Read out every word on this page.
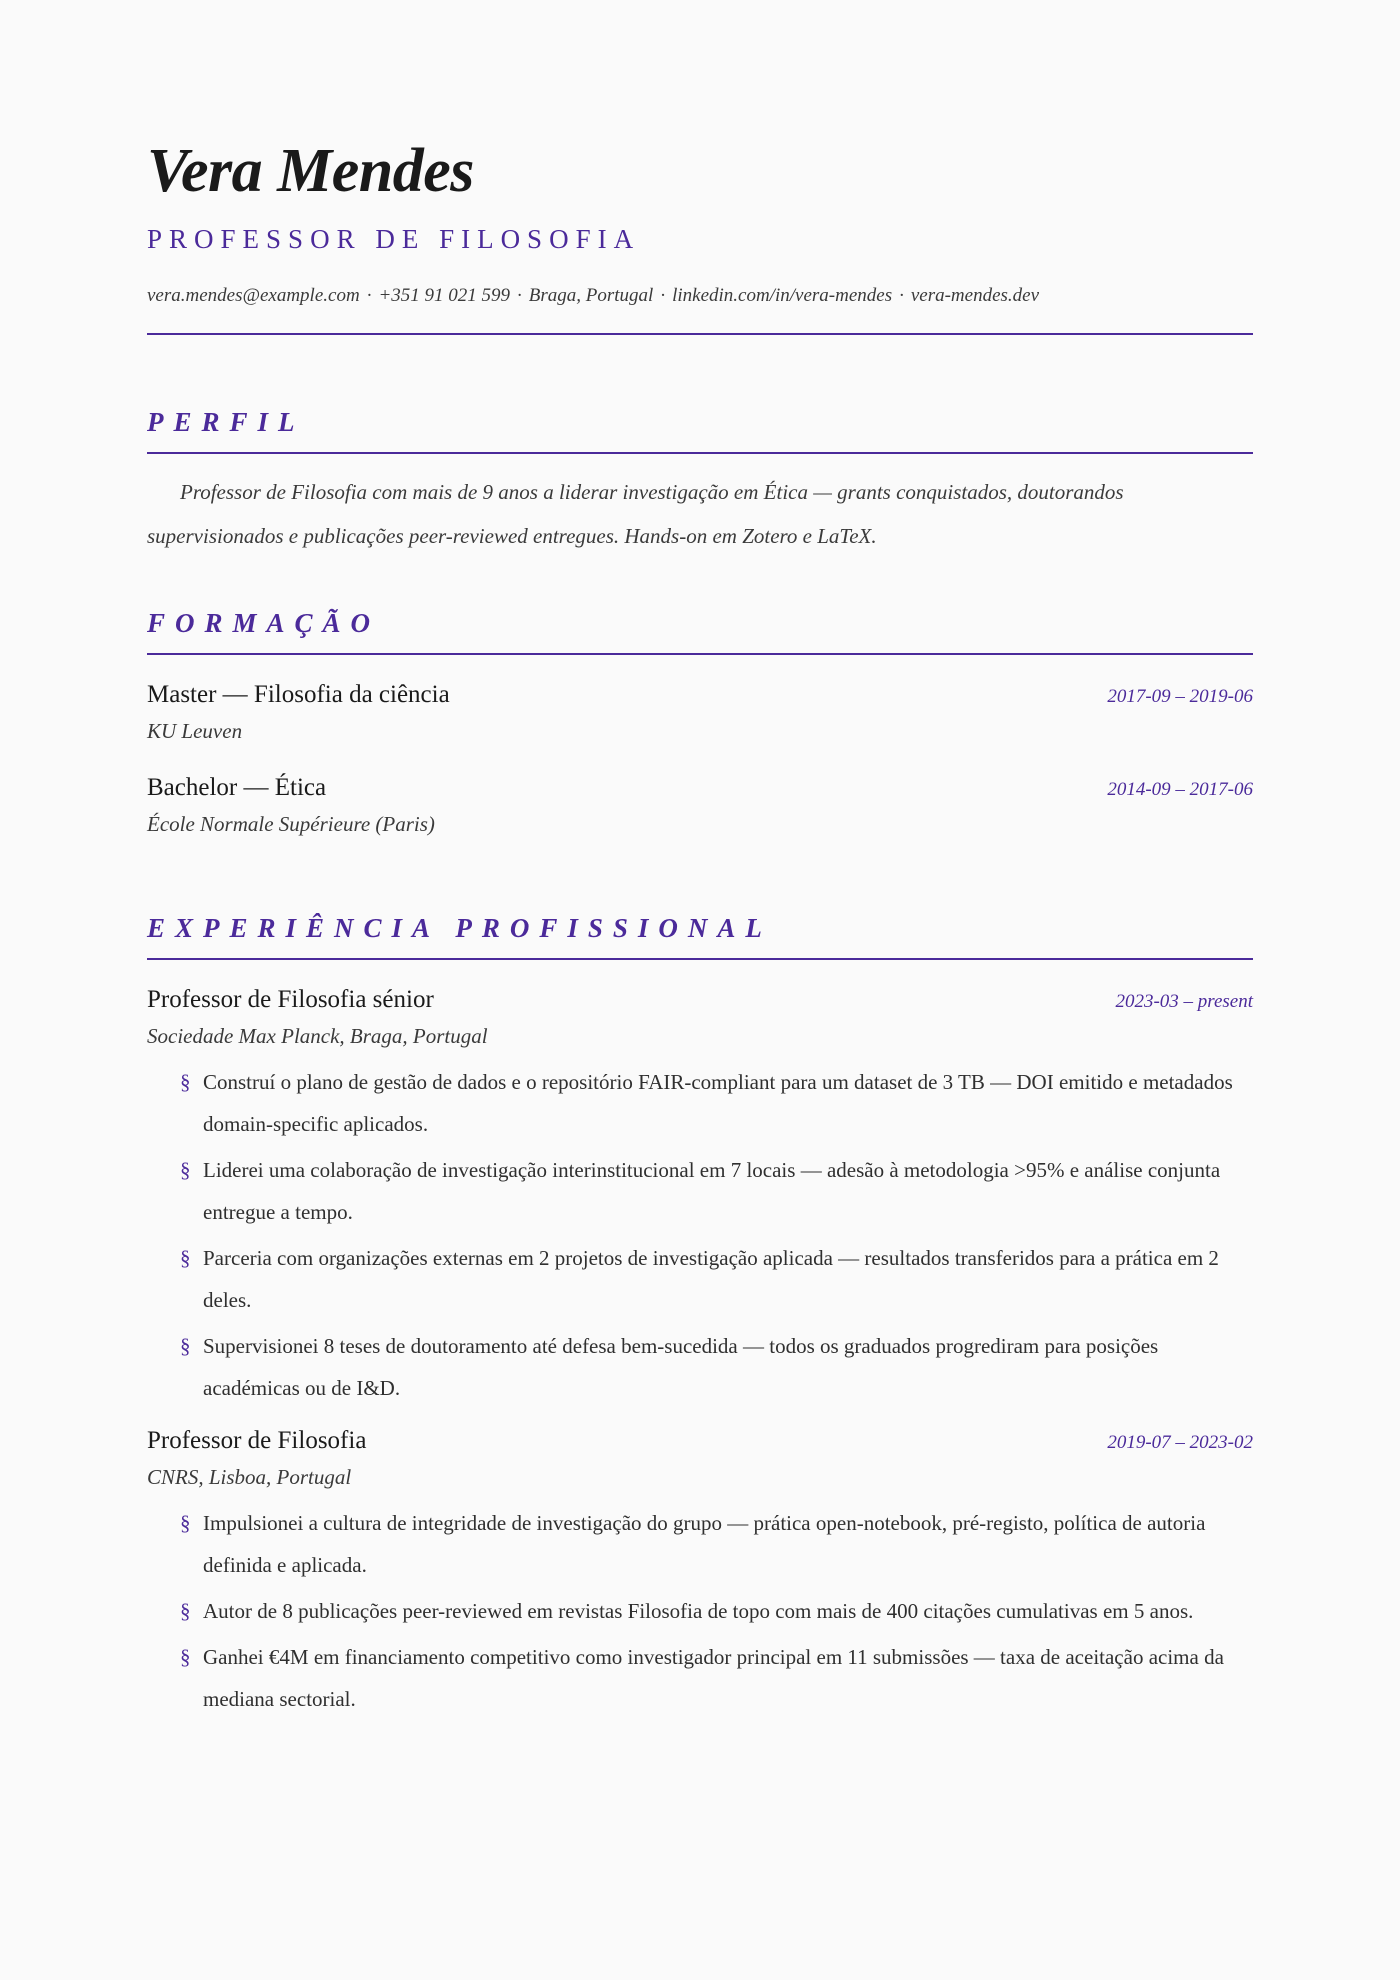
Vera Mendes
PROFESSOR DE FILOSOFIA
vera.mendes@example.com · +351 91 021 599 · Braga, Portugal · linkedin.com/in/vera-mendes · vera-mendes.dev
PERFIL

Professor de Filosofia com mais de 9 anos a liderar investigação em Ética — grants conquistados, doutorandos supervisionados e publicações peer-reviewed entregues. Hands-on em Zotero e LaTeX.

FORMAÇÃO
Master — Filosofia da ciência	2017-09 – 2019-06
KU Leuven
Bachelor — Ética	2014-09 – 2017-06
École Normale Supérieure (Paris)
EXPERIÊNCIA PROFISSIONAL
Professor de Filosofia sénior	2023-03 – present
Sociedade Max Planck, Braga, Portugal
§ Construí o plano de gestão de dados e o repositório FAIR-compliant para um dataset de 3 TB — DOI emitido e metadados domain-specific aplicados.
§ Liderei uma colaboração de investigação interinstitucional em 7 locais — adesão à metodologia >95% e análise conjunta entregue a tempo.
§ Parceria com organizações externas em 2 projetos de investigação aplicada — resultados transferidos para a prática em 2 deles.
§ Supervisionei 8 teses de doutoramento até defesa bem-sucedida — todos os graduados progrediram para posições académicas ou de I&D.
Professor de Filosofia	2019-07 – 2023-02
CNRS, Lisboa, Portugal
§ Impulsionei a cultura de integridade de investigação do grupo — prática open-notebook, pré-registo, política de autoria definida e aplicada.
§ Autor de 8 publicações peer-reviewed em revistas Filosofia de topo com mais de 400 citações cumulativas em 5 anos.
§ Ganhei €4M em financiamento competitivo como investigador principal em 11 submissões — taxa de aceitação acima da mediana sectorial.
